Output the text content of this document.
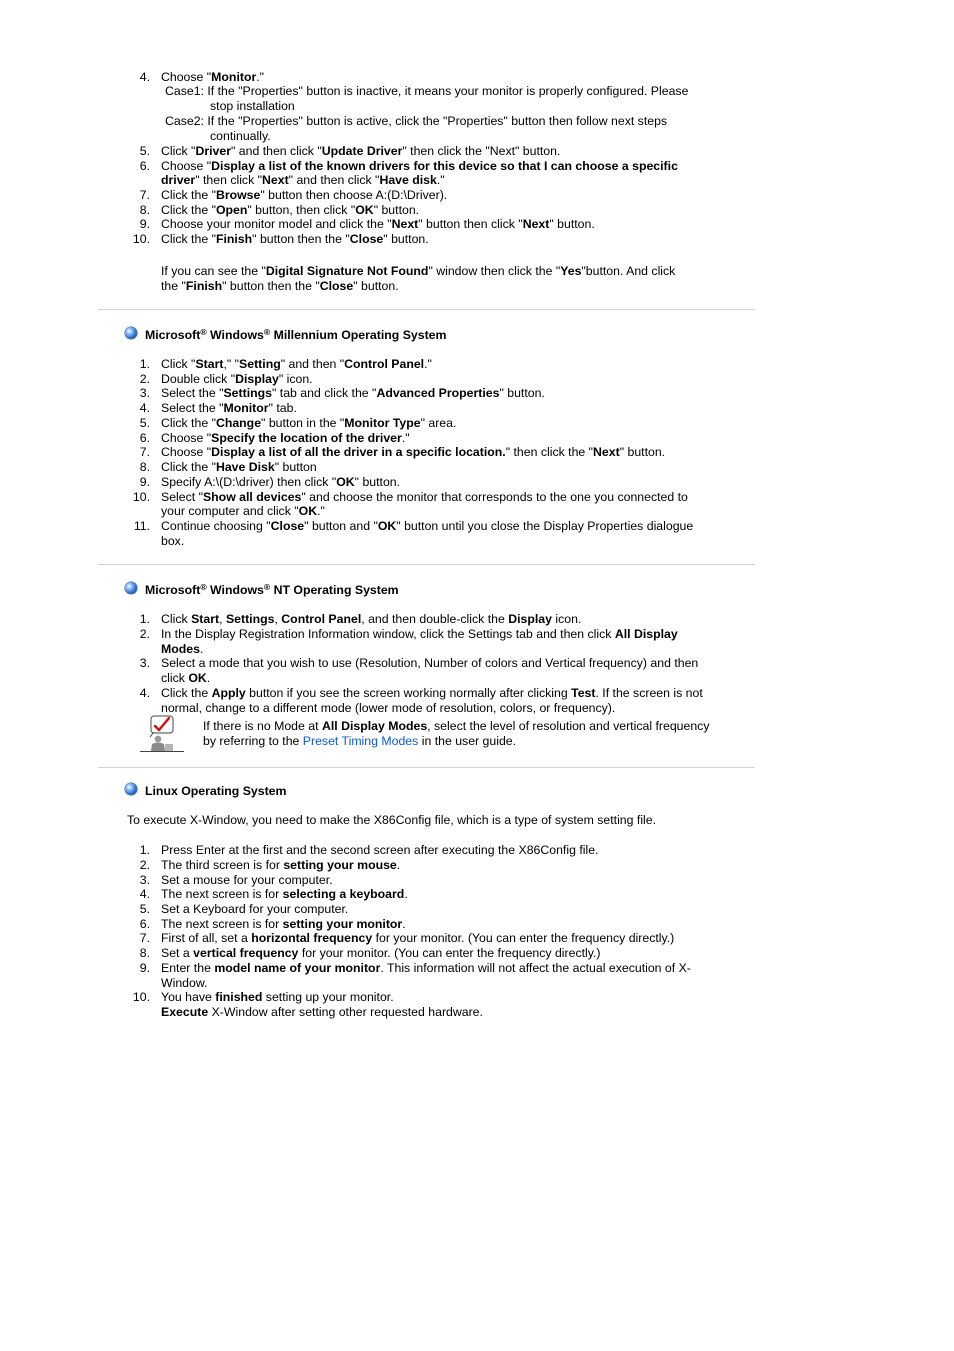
4. Choose "Monitor."
Case1: If the "Properties" button is inactive, it means your monitor is properly configured. Please
stop installation
Case2: If the "Properties" button is active, click the "Properties" button then follow next steps
continually.
5. Click "Driver" and then click "Update Driver" then click the "Next" button.
6. Choose "Display a list of the known drivers for this device so that I can choose a specific
driver" then click "Next" and then click "Have disk."
7. Click the "Browse" button then choose A:(D:\Driver).
8. Click the "Open" button, then click "OK" button.
9. Choose your monitor model and click the "Next" button then click "Next" button.
10. Click the "Finish" button then the "Close" button.
If you can see the "Digital Signature Not Found" window then click the "Yes"button. And click
the "Finish" button then the "Close" button.
Microsoft® Windows® Millennium Operating System
1. Click "Start," "Setting" and then "Control Panel."
2. Double click "Display" icon.
3. Select the "Settings" tab and click the "Advanced Properties" button.
4. Select the "Monitor" tab.
5. Click the "Change" button in the "Monitor Type" area.
6. Choose "Specify the location of the driver."
7. Choose "Display a list of all the driver in a specific location." then click the "Next" button.
8. Click the "Have Disk" button
9. Specify A:\(D:\driver) then click "OK" button.
10. Select "Show all devices" and choose the monitor that corresponds to the one you connected to
your computer and click "OK."
11. Continue choosing "Close" button and "OK" button until you close the Display Properties dialogue
box.
Microsoft® Windows® NT Operating System
1. Click Start, Settings, Control Panel, and then double-click the Display icon.
2. In the Display Registration Information window, click the Settings tab and then click All Display
Modes.
3. Select a mode that you wish to use (Resolution, Number of colors and Vertical frequency) and then
click OK.
4. Click the Apply button if you see the screen working normally after clicking Test. If the screen is not
normal, change to a different mode (lower mode of resolution, colors, or frequency).
If there is no Mode at All Display Modes, select the level of resolution and vertical frequency
by referring to the Preset Timing Modes in the user guide.
Linux Operating System
To execute X-Window, you need to make the X86Config file, which is a type of system setting file.
1. Press Enter at the first and the second screen after executing the X86Config file.
2. The third screen is for setting your mouse.
3. Set a mouse for your computer.
4. The next screen is for selecting a keyboard.
5. Set a Keyboard for your computer.
6. The next screen is for setting your monitor.
7. First of all, set a horizontal frequency for your monitor. (You can enter the frequency directly.)
8. Set a vertical frequency for your monitor. (You can enter the frequency directly.)
9. Enter the model name of your monitor. This information will not affect the actual execution of X-
Window.
10. You have finished setting up your monitor.
Execute X-Window after setting other requested hardware.
